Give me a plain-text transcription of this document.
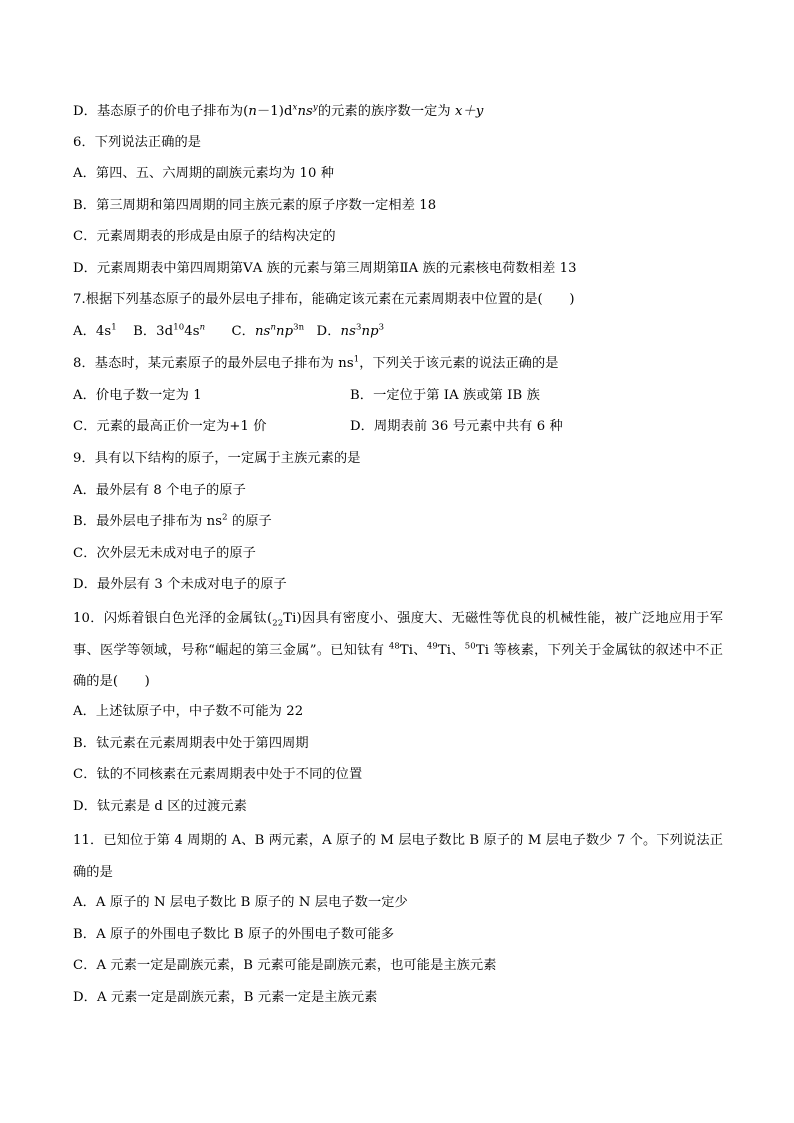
D．基态原子的价电子排布为$(n-1)d^xns^y$的元素的族序数一定为 x＋y
6．下列说法正确的是
A．第四、五、六周期的副族元素均为 10 种
B．第三周期和第四周期的同主族元素的原子序数一定相差 18
C．元素周期表的形成是由原子的结构决定的
D．元素周期表中第四周期第ⅤA 族的元素与第三周期第ⅡA 族的元素核电荷数相差 13
7.根据下列基态原子的最外层电子排布，能确定该元素在元素周期表中位置的是(　　)
A．$4s^1$ B．$3d^{10}4s^n$ C．$ns^nnp^{3n}$ D．$ns^3np^3$
8．基态时，某元素原子的最外层电子排布为 $ns^1$，下列关于该元素的说法正确的是
A．价电子数一定为 1	B．一定位于第 IA 族或第 IB 族
C．元素的最高正价一定为+1 价	D．周期表前 36 号元素中共有 6 种
9．具有以下结构的原子，一定属于主族元素的是
A．最外层有 8 个电子的原子
B．最外层电子排布为 $ns^2$ 的原子
C．次外层无未成对电子的原子
D．最外层有 3 个未成对电子的原子
10．闪烁着银白色光泽的金属钛$(_{22}Ti)$因具有密度小、强度大、无磁性等优良的机械性能，被广泛地应用于军事、医学等领域，号称“崛起的第三金属”。已知钛有 $^{48}$Ti、$^{49}$Ti、$^{50}$Ti 等核素，下列关于金属钛的叙述中不正确的是(　　)
A．上述钛原子中，中子数不可能为 22
B．钛元素在元素周期表中处于第四周期
C．钛的不同核素在元素周期表中处于不同的位置
D．钛元素是 d 区的过渡元素
11．已知位于第 4 周期的 A、B 两元素，A 原子的 M 层电子数比 B 原子的 M 层电子数少 7 个。下列说法正确的是
A．A 原子的 N 层电子数比 B 原子的 N 层电子数一定少
B．A 原子的外围电子数比 B 原子的外围电子数可能多
C．A 元素一定是副族元素，B 元素可能是副族元素，也可能是主族元素
D．A 元素一定是副族元素，B 元素一定是主族元素
